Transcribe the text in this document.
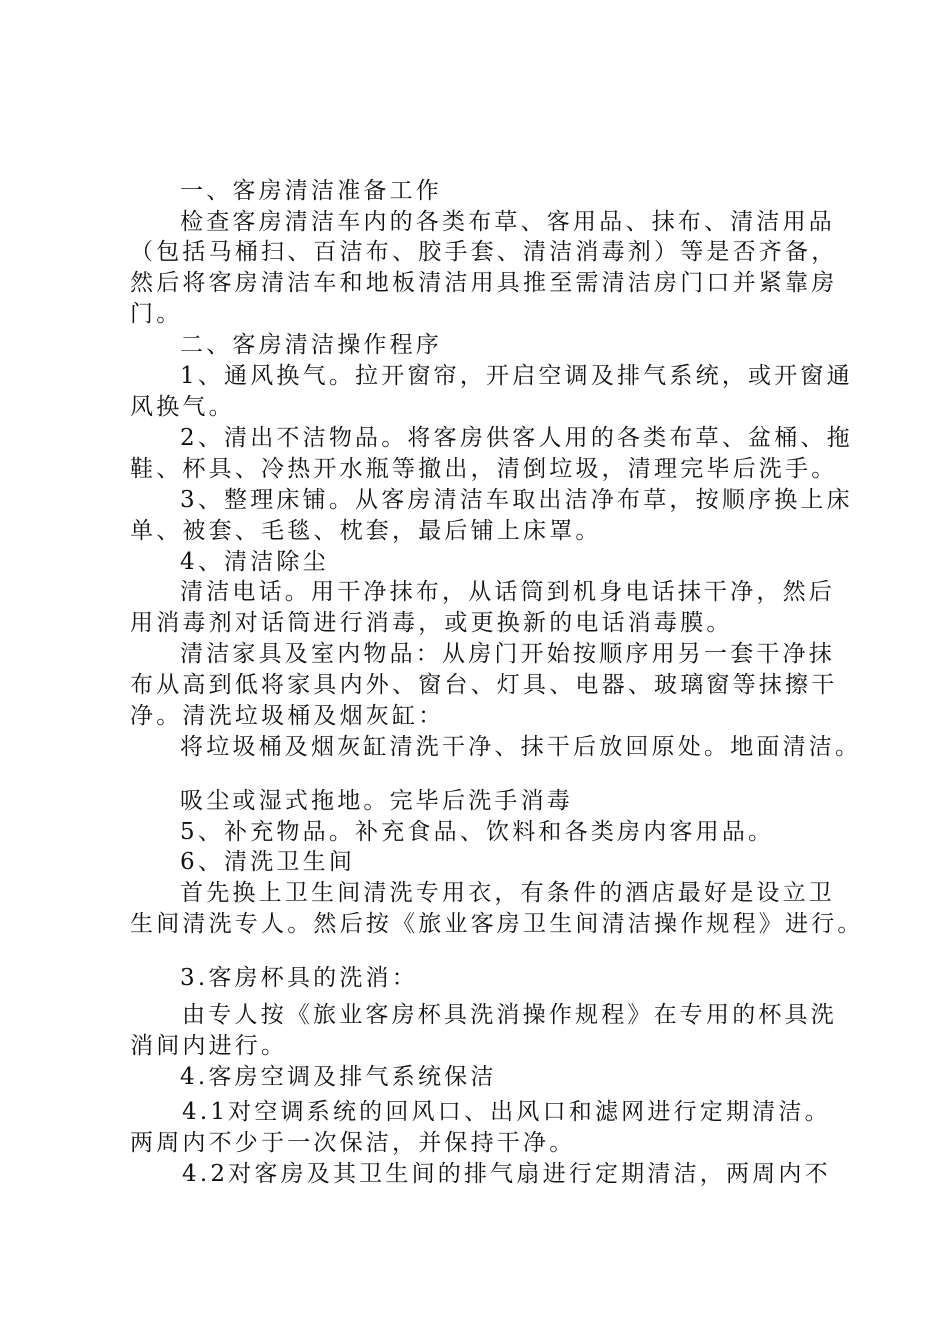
一、客房清洁准备工作
检查客房清洁车内的各类布草、客用品、抹布、清洁用品
（包括马桶扫、百洁布、胶手套、清洁消毒剂）等是否齐备，
然后将客房清洁车和地板清洁用具推至需清洁房门口并紧靠房
门。
二、客房清洁操作程序
1、通风换气。拉开窗帘，开启空调及排气系统，或开窗通
风换气。
2、清出不洁物品。将客房供客人用的各类布草、盆桶、拖
鞋、杯具、冷热开水瓶等撤出，清倒垃圾，清理完毕后洗手。
3、整理床铺。从客房清洁车取出洁净布草，按顺序换上床
单、被套、毛毯、枕套，最后铺上床罩。
4、清洁除尘
清洁电话。用干净抹布，从话筒到机身电话抹干净，然后
用消毒剂对话筒进行消毒，或更换新的电话消毒膜。
清洁家具及室内物品：从房门开始按顺序用另一套干净抹
布从高到低将家具内外、窗台、灯具、电器、玻璃窗等抹擦干
净。清洗垃圾桶及烟灰缸：
将垃圾桶及烟灰缸清洗干净、抹干后放回原处。地面清洁。
吸尘或湿式拖地。完毕后洗手消毒
5、补充物品。补充食品、饮料和各类房内客用品。
6、清洗卫生间
首先换上卫生间清洗专用衣，有条件的酒店最好是设立卫
生间清洗专人。然后按《旅业客房卫生间清洁操作规程》进行。
3.客房杯具的洗消：
由专人按《旅业客房杯具洗消操作规程》在专用的杯具洗
消间内进行。
4.客房空调及排气系统保洁
4.1对空调系统的回风口、出风口和滤网进行定期清洁。
两周内不少于一次保洁，并保持干净。
4.2对客房及其卫生间的排气扇进行定期清洁，两周内不
